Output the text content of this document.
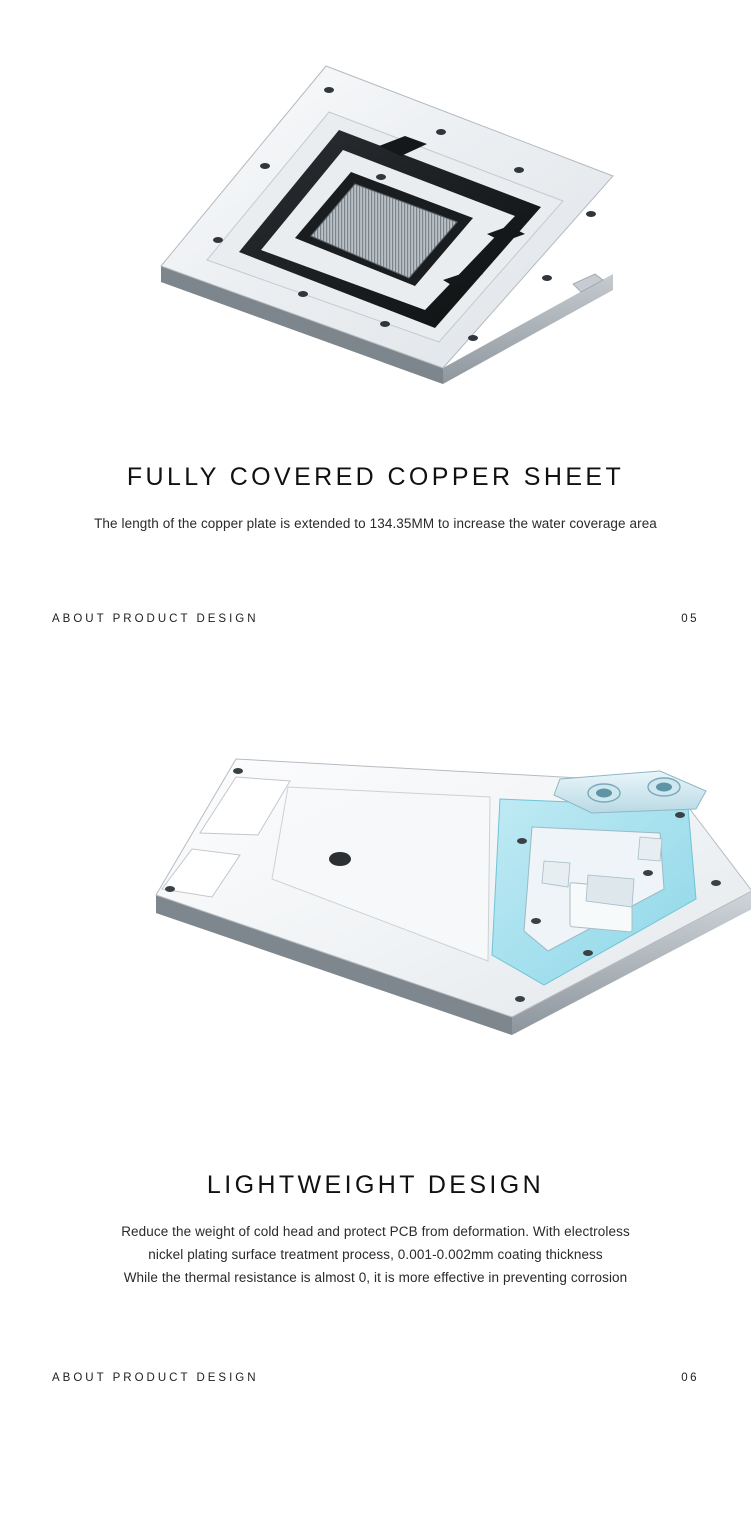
FULLY COVERED COPPER SHEET
The length of the copper plate is extended to 134.35MM to increase the water coverage area
ABOUT PRODUCT DESIGN	05
LIGHTWEIGHT DESIGN
Reduce the weight of cold head and protect PCB from deformation. With electroless
nickel plating surface treatment process, 0.001-0.002mm coating thickness
While the thermal resistance is almost 0, it is more effective in preventing corrosion
ABOUT PRODUCT DESIGN	06
